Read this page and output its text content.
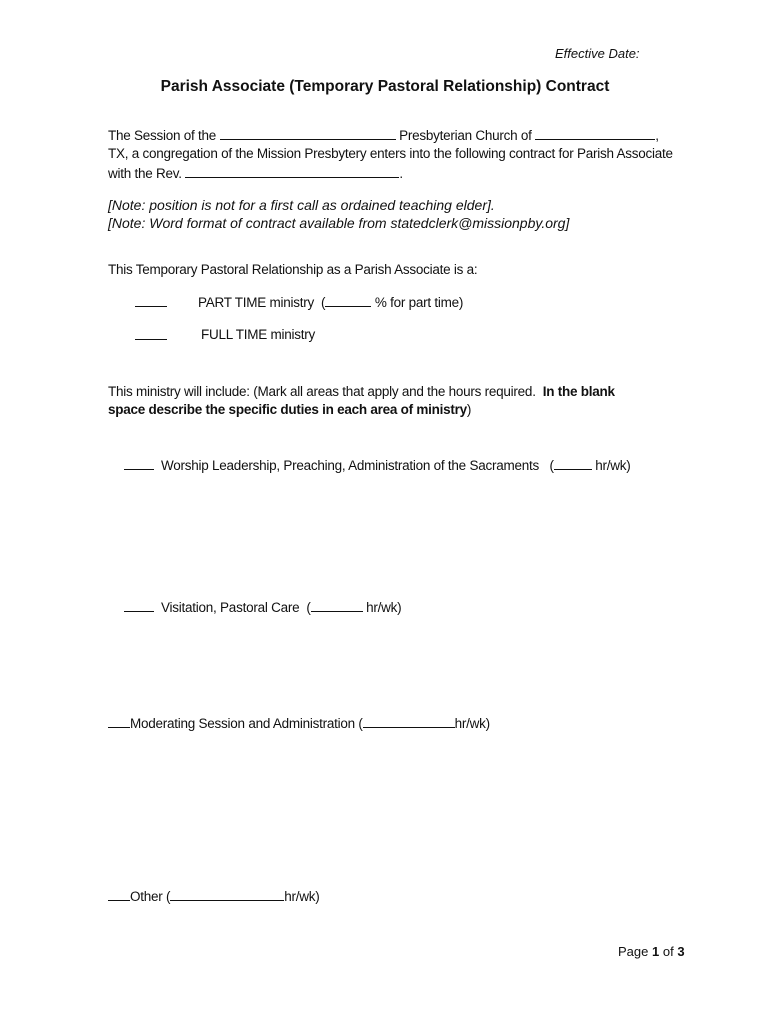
Effective Date:
Parish Associate (Temporary Pastoral Relationship) Contract
The Session of the	Presbyterian Church of	,
TX, a congregation of the Mission Presbytery enters into the following contract for Parish Associate
with the Rev.	.
[Note: position is not for a first call as ordained teaching elder].
[Note: Word format of contract available from statedclerk@missionpby.org]
This Temporary Pastoral Relationship as a Parish Associate is a:
PART TIME ministry (	% for part time)
FULL TIME ministry
This ministry will include: (Mark all areas that apply and the hours required. In the blank
space describe the specific duties in each area of ministry)
Worship Leadership, Preaching, Administration of the Sacraments (	hr/wk)
Visitation, Pastoral Care (	hr/wk)
Moderating Session and Administration (	hr/wk)
Other (	hr/wk)
Page 1 of 3
